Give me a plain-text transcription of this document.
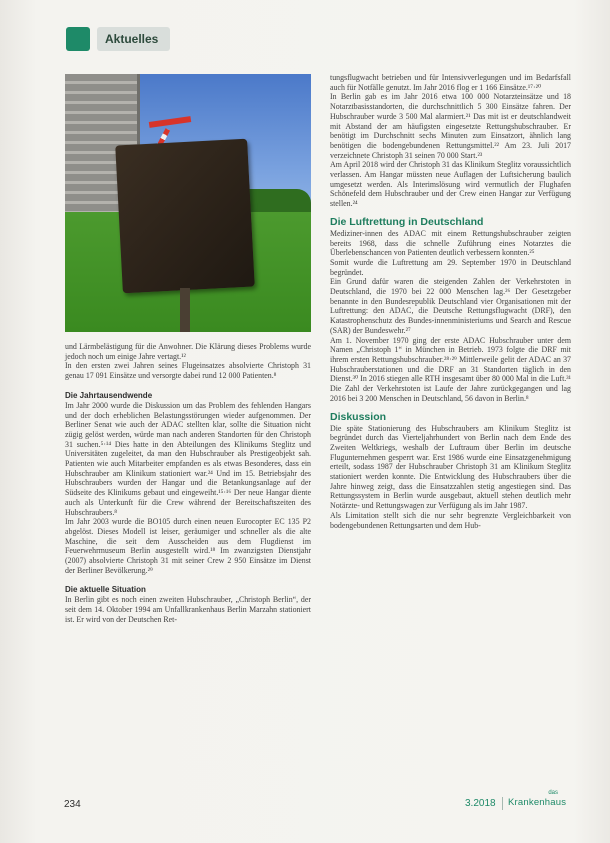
Aktuelles

und Lärmbelästigung für die Anwohner. Die Klärung dieses Problems wurde jedoch noch um einige Jahre vertagt.¹²

In den ersten zwei Jahren seines Flugeinsatzes absolvierte Christoph 31 genau 17 091 Einsätze und versorgte dabei rund 12 000 Patienten.⁸

Die Jahrtausendwende

Im Jahr 2000 wurde die Diskussion um das Problem des fehlenden Hangars und der doch erheblichen Belastungsstörungen wieder aufgenommen. Der Berliner Senat wie auch der ADAC stellten klar, sollte die Situation nicht zügig gelöst werden, würde man nach anderen Standorten für den Christoph 31 suchen.⁵·¹⁴ Dies hatte in den Abteilungen des Klinikums Steglitz und Universitäten zugeleitet, da man den Hubschrauber als Prestigeobjekt sah. Patienten wie auch Mitarbeiter empfanden es als etwas Besonderes, dass ein Hubschrauber am Klinikum stationiert war.²⁴ Und im 15. Betriebsjahr des Hubschraubers wurden der Hangar und die Betankungsanlage auf der Südseite des Klinikums gebaut und eingeweiht.¹⁵·¹⁶ Der neue Hangar diente auch als Unterkunft für die Crew während der Bereitschaftszeiten des Hubschraubers.⁸

Im Jahr 2003 wurde die BO105 durch einen neuen Eurocopter EC 135 P2 abgelöst. Dieses Modell ist leiser, geräumiger und schneller als die alte Maschine, die seit dem Ausscheiden aus dem Flugdienst im Feuerwehrmuseum Berlin ausgestellt wird.¹⁸ Im zwanzigsten Dienstjahr (2007) absolvierte Christoph 31 mit seiner Crew 2 950 Einsätze im Dienst der Berliner Bevölkerung.²⁹

Die aktuelle Situation

In Berlin gibt es noch einen zweiten Hubschrauber, „Christoph Berlin“, der seit dem 14. Oktober 1994 am Unfallkrankenhaus Berlin Marzahn stationiert ist. Er wird von der Deutschen Ret-

tungsflugwacht betrieben und für Intensivverlegungen und im Bedarfsfall auch für Notfälle genutzt. Im Jahr 2016 flog er 1 166 Einsätze.¹⁷·²⁰

In Berlin gab es im Jahr 2016 etwa 100 000 Notarzteinsätze und 18 Notarztbasisstandorten, die durchschnittlich 5 300 Einsätze fahren. Der Hubschrauber wurde 3 500 Mal alarmiert.²¹ Das mit ist er deutschlandweit mit Abstand der am häufigsten eingesetzte Rettungshubschrauber. Er benötigt im Durchschnitt sechs Minuten zum Einsatzort, ähnlich lang benötigen die bodengebundenen Rettungsmittel.²² Am 23. Juli 2017 verzeichnete Christoph 31 seinen 70 000 Start.²³

Am April 2018 wird der Christoph 31 das Klinikum Steglitz voraussichtlich verlassen. Am Hangar müssten neue Auflagen der Luftsicherung baulich umgesetzt werden. Als Interimslösung wird vermutlich der Flughafen Schönefeld dem Hubschrauber und der Crew einen Hangar zur Verfügung stellen.²⁴

Die Luftrettung in Deutschland

Mediziner-innen des ADAC mit einem Rettungshubschrauber zeigten bereits 1968, dass die schnelle Zuführung eines Notarztes die Überlebenschancen von Patienten deutlich verbessern konnten.²⁵

Somit wurde die Luftrettung am 29. September 1970 in Deutschland begründet.

Ein Grund dafür waren die steigenden Zahlen der Verkehrstoten in Deutschland, die 1970 bei 22 000 Menschen lag.²⁶ Der Gesetzgeber benannte in den Bundesrepublik Deutschland vier Organisationen mit der Luftrettung: den ADAC, die Deutsche Rettungsflugwacht (DRF), den Katastrophenschutz des Bundes-innenministeriums und Search and Rescue (SAR) der Bundeswehr.²⁷

Am 1. November 1970 ging der erste ADAC Hubschrauber unter dem Namen „Christoph 1“ in München in Betrieb. 1973 folgte die DRF mit ihrem ersten Rettungshubschrauber.²⁸·²⁹ Mittlerweile gelit der ADAC an 37 Hubschrauberstationen und die DRF an 31 Standorten täglich in den Dienst.³⁰ In 2016 stiegen alle RTH insgesamt über 80 000 Mal in die Luft.³¹ Die Zahl der Verkehrstoten ist Laufe der Jahre zurückgegangen und lag 2016 bei 3 200 Menschen in Deutschland, 56 davon in Berlin.⁸

Diskussion

Die späte Stationierung des Hubschraubers am Klinikum Steglitz ist begründet durch das Vierteljahrhundert von Berlin nach dem Ende des Zweiten Weltkriegs, weshalb der Luftraum über Berlin im deutsche Flugunternehmen gesperrt war. Erst 1986 wurde eine Einsatzgenehmigung erteilt, sodass 1987 der Hubschrauber Christoph 31 am Klinikum Steglitz stationiert werden konnte. Die Entwicklung des Hubschraubers über die Jahre hinweg zeigt, dass die Einsatzzahlen stetig angestiegen sind. Das Rettungssystem in Berlin wurde ausgebaut, aktuell stehen deutlich mehr Notärzte- und Rettungswagen zur Verfügung als im Jahr 1987.

Als Limitation stellt sich die nur sehr begrenzte Vergleichbarkeit von bodengebundenen Rettungsarten und dem Hub-

234	3.2018
das
Krankenhaus
